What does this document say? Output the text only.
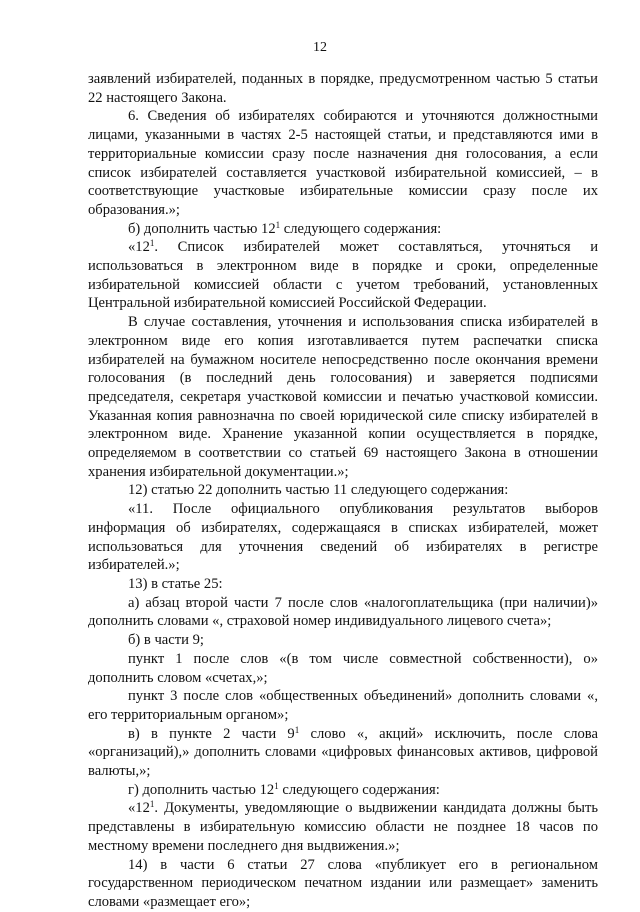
12

заявлений избирателей, поданных в порядке, предусмотренном частью 5 статьи 22 настоящего Закона.

6. Сведения об избирателях собираются и уточняются должностными лицами, указанными в частях 2-5 настоящей статьи, и представляются ими в территориальные комиссии сразу после назначения дня голосования, а если список избирателей составляется участковой избирательной комиссией, – в соответствующие участковые избирательные комиссии сразу после их образования.»;

б) дополнить частью $12^1$ следующего содержания:

«$12^1$. Список избирателей может составляться, уточняться и использоваться в электронном виде в порядке и сроки, определенные избирательной комиссией области с учетом требований, установленных Центральной избирательной комиссией Российской Федерации.

В случае составления, уточнения и использования списка избирателей в электронном виде его копия изготавливается путем распечатки списка избирателей на бумажном носителе непосредственно после окончания времени голосования (в последний день голосования) и заверяется подписями председателя, секретаря участковой комиссии и печатью участковой комиссии. Указанная копия равнозначна по своей юридической силе списку избирателей в электронном виде. Хранение указанной копии осуществляется в порядке, определяемом в соответствии со статьей 69 настоящего Закона в отношении хранения избирательной документации.»;

12) статью 22 дополнить частью 11 следующего содержания:

«11. После официального опубликования результатов выборов информация об избирателях, содержащаяся в списках избирателей, может использоваться для уточнения сведений об избирателях в регистре избирателей.»;

13) в статье 25:

а) абзац второй части 7 после слов «налогоплательщика (при наличии)» дополнить словами «, страховой номер индивидуального лицевого счета»;

б) в части 9;

пункт 1 после слов «(в том числе совместной собственности), о» дополнить словом «счетах,»;

пункт 3 после слов «общественных объединений» дополнить словами «, его территориальным органом»;

в) в пункте 2 части $9^1$ слово «, акций» исключить, после слова «организаций),» дополнить словами «цифровых финансовых активов, цифровой валюты,»;

г) дополнить частью $12^1$ следующего содержания:

«$12^1$. Документы, уведомляющие о выдвижении кандидата должны быть представлены в избирательную комиссию области не позднее 18 часов по местному времени последнего дня выдвижения.»;

14) в части 6 статьи 27 слова «публикует его в региональном государственном периодическом печатном издании или размещает» заменить словами «размещает его»;
